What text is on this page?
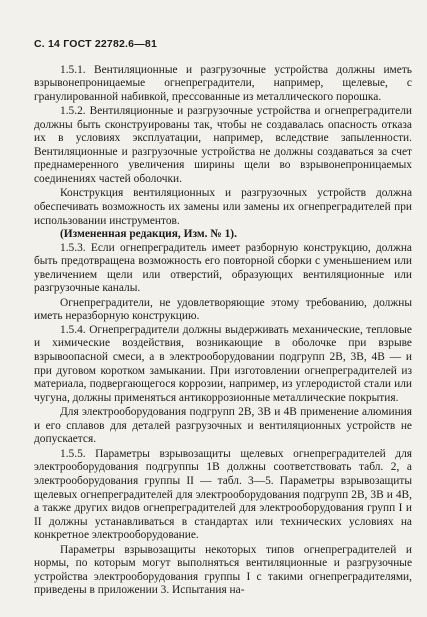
С. 14 ГОСТ 22782.6—81

1.5.1. Вентиляционные и разгрузочные устройства должны иметь взрывонепроницаемые огнепреградители, например, щелевые, с гранулированной набивкой, прессованные из металлического порошка.

1.5.2. Вентиляционные и разгрузочные устройства и огнепреградители должны быть сконструированы так, чтобы не создавалась опасность отказа их в условиях эксплуатации, например, вследствие запыленности. Вентиляционные и разгрузочные устройства не должны создаваться за счет преднамеренного увеличения ширины щели во взрывонепроницаемых соединениях частей оболочки.

Конструкция вентиляционных и разгрузочных устройств должна обеспечивать возможность их замены или замены их огнепреградителей при использовании инструментов.

(Измененная редакция, Изм. № 1).

1.5.3. Если огнепреградитель имеет разборную конструкцию, должна быть предотвращена возможность его повторной сборки с уменьшением или увеличением щели или отверстий, образующих вентиляционные или разгрузочные каналы.

Огнепреградители, не удовлетворяющие этому требованию, должны иметь неразборную конструкцию.

1.5.4. Огнепреградители должны выдерживать механические, тепловые и химические воздействия, возникающие в оболочке при взрыве взрывоопасной смеси, а в электрооборудовании подгрупп 2В, 3В, 4В — и при дуговом коротком замыкании. При изготовлении огнепреградителей из материала, подвергающегося коррозии, например, из углеродистой стали или чугуна, должны применяться антикоррозионные металлические покрытия.

Для электрооборудования подгрупп 2В, 3В и 4В применение алюминия и его сплавов для деталей разгрузочных и вентиляционных устройств не допускается.

1.5.5. Параметры взрывозащиты щелевых огнепреградителей для электрооборудования подгруппы 1В должны соответствовать табл. 2, а электрооборудования группы II — табл. 3—5. Параметры взрывозащиты щелевых огнепреградителей для электрооборудования подгрупп 2В, 3В и 4В, а также других видов огнепреградителей для электрооборудования групп I и II должны устанавливаться в стандартах или технических условиях на конкретное электрооборудование.

Параметры взрывозащиты некоторых типов огнепреградителей и нормы, по которым могут выполняться вентиляционные и разгрузочные устройства электрооборудования группы I с такими огнепреградителями, приведены в приложении 3. Испытания на-
